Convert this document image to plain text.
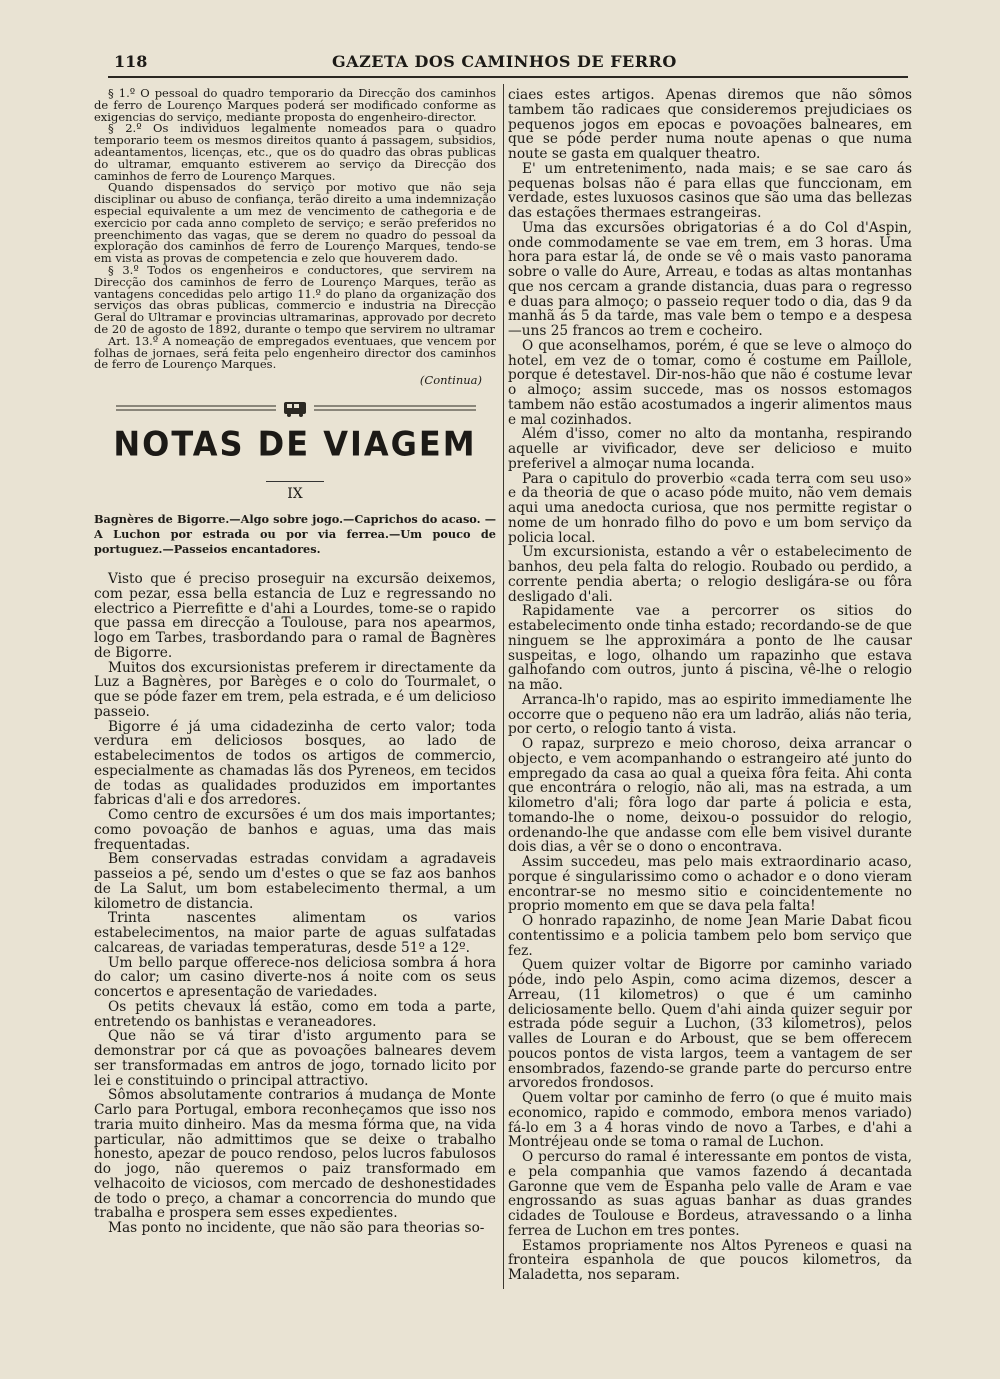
118	GAZETA DOS CAMINHOS DE FERRO

§ 1.º O pessoal do quadro temporario da Direcção dos caminhos de ferro de Lourenço Marques poderá ser modificado conforme as exigencias do serviço, mediante proposta do engenheiro-director.

§ 2.º Os individuos legalmente nomeados para o quadro temporario teem os mesmos direitos quanto á passagem, subsidios, adeantamentos, licenças, etc., que os do quadro das obras publicas do ultramar, emquanto estiverem ao serviço da Direcção dos caminhos de ferro de Lourenço Marques.

Quando dispensados do serviço por motivo que não seja disciplinar ou abuso de confiança, terão direito a uma indemnização especial equivalente a um mez de vencimento de cathegoria e de exercicio por cada anno completo de serviço; e serão preferidos no preenchimento das vagas, que se derem no quadro do pessoal da exploração dos caminhos de ferro de Lourenço Marques, tendo-se em vista as provas de competencia e zelo que houverem dado.

§ 3.º Todos os engenheiros e conductores, que servirem na Direcção dos caminhos de ferro de Lourenço Marques, terão as vantagens concedidas pelo artigo 11.º do plano da organização dos serviços das obras publicas, commercio e industria na Direcção Geral do Ultramar e provincias ultramarinas, approvado por decreto de 20 de agosto de 1892, durante o tempo que servirem no ultramar

Art. 13.º A nomeação de empregados eventuaes, que vencem por folhas de jornaes, será feita pelo engenheiro director dos caminhos de ferro de Lourenço Marques.

(Continua)
NOTAS DE VIAGEM
IX

Bagnères de Bigorre.—Algo sobre jogo.—Caprichos do acaso. —A Luchon por estrada ou por via ferrea.—Um pouco de portuguez.—Passeios encantadores.

Visto que é preciso proseguir na excursão deixemos, com pezar, essa bella estancia de Luz e regressando no electrico a Pierrefitte e d'ahi a Lourdes, tome-se o rapido que passa em direcção a Toulouse, para nos apearmos, logo em Tarbes, trasbordando para o ramal de Bagnères de Bigorre.

Muitos dos excursionistas preferem ir directamente da Luz a Bagnères, por Barèges e o colo do Tourmalet, o que se póde fazer em trem, pela estrada, e é um delicioso passeio.

Bigorre é já uma cidadezinha de certo valor; toda verdura em deliciosos bosques, ao lado de estabelecimentos de todos os artigos de commercio, especialmente as chamadas lãs dos Pyreneos, em tecidos de todas as qualidades produzidos em importantes fabricas d'ali e dos arredores.

Como centro de excursões é um dos mais importantes; como povoação de banhos e aguas, uma das mais frequentadas.

Bem conservadas estradas convidam a agradaveis passeios a pé, sendo um d'estes o que se faz aos banhos de La Salut, um bom estabelecimento thermal, a um kilometro de distancia.

Trinta nascentes alimentam os varios estabelecimentos, na maior parte de aguas sulfatadas calcareas, de variadas temperaturas, desde 51º a 12º.

Um bello parque offerece-nos deliciosa sombra á hora do calor; um casino diverte-nos á noite com os seus concertos e apresentação de variedades.

Os petits chevaux lá estão, como em toda a parte, entretendo os banhistas e veraneadores.

Que não se vá tirar d'isto argumento para se demonstrar por cá que as povoações balneares devem ser transformadas em antros de jogo, tornado licito por lei e constituindo o principal attractivo.

Sômos absolutamente contrarios á mudança de Monte Carlo para Portugal, embora reconheçamos que isso nos traria muito dinheiro. Mas da mesma fórma que, na vida particular, não admittimos que se deixe o trabalho honesto, apezar de pouco rendoso, pelos lucros fabulosos do jogo, não queremos o paiz transformado em velhacoito de viciosos, com mercado de deshonestidades de todo o preço, a chamar a concorrencia do mundo que trabalha e prospera sem esses expedientes.

Mas ponto no incidente, que não são para theorias so-

ciaes estes artigos. Apenas diremos que não sômos tambem tão radicaes que consideremos prejudiciaes os pequenos jogos em epocas e povoações balneares, em que se póde perder numa noute apenas o que numa noute se gasta em qualquer theatro.

E' um entretenimento, nada mais; e se sae caro ás pequenas bolsas não é para ellas que funccionam, em verdade, estes luxuosos casinos que são uma das bellezas das estações thermaes estrangeiras.

Uma das excursões obrigatorias é a do Col d'Aspin, onde commodamente se vae em trem, em 3 horas. Uma hora para estar lá, de onde se vê o mais vasto panorama sobre o valle do Aure, Arreau, e todas as altas montanhas que nos cercam a grande distancia, duas para o regresso e duas para almoço; o passeio requer todo o dia, das 9 da manhã ás 5 da tarde, mas vale bem o tempo e a despesa—uns 25 francos ao trem e cocheiro.

O que aconselhamos, porém, é que se leve o almoço do hotel, em vez de o tomar, como é costume em Paillole, porque é detestavel. Dir-nos-hão que não é costume levar o almoço; assim succede, mas os nossos estomagos tambem não estão acostumados a ingerir alimentos maus e mal cozinhados.

Além d'isso, comer no alto da montanha, respirando aquelle ar vivificador, deve ser delicioso e muito preferivel a almoçar numa locanda.

Para o capitulo do proverbio «cada terra com seu uso» e da theoria de que o acaso póde muito, não vem demais aqui uma anedocta curiosa, que nos permitte registar o nome de um honrado filho do povo e um bom serviço da policia local.

Um excursionista, estando a vêr o estabelecimento de banhos, deu pela falta do relogio. Roubado ou perdido, a corrente pendia aberta; o relogio desligára-se ou fôra desligado d'ali.

Rapidamente vae a percorrer os sitios do estabelecimento onde tinha estado; recordando-se de que ninguem se lhe approximára a ponto de lhe causar suspeitas, e logo, olhando um rapazinho que estava galhofando com outros, junto á piscina, vê-lhe o relogio na mão.

Arranca-lh'o rapido, mas ao espirito immediamente lhe occorre que o pequeno não era um ladrão, aliás não teria, por certo, o relogio tanto á vista.

O rapaz, surprezo e meio choroso, deixa arrancar o objecto, e vem acompanhando o estrangeiro até junto do empregado da casa ao qual a queixa fôra feita. Ahi conta que encontrára o relogio, não ali, mas na estrada, a um kilometro d'ali; fôra logo dar parte á policia e esta, tomando-lhe o nome, deixou-o possuidor do relogio, ordenando-lhe que andasse com elle bem visivel durante dois dias, a vêr se o dono o encontrava.

Assim succedeu, mas pelo mais extraordinario acaso, porque é singularissimo como o achador e o dono vieram encontrar-se no mesmo sitio e coincidentemente no proprio momento em que se dava pela falta!

O honrado rapazinho, de nome Jean Marie Dabat ficou contentissimo e a policia tambem pelo bom serviço que fez.

Quem quizer voltar de Bigorre por caminho variado póde, indo pelo Aspin, como acima dizemos, descer a Arreau, (11 kilometros) o que é um caminho deliciosamente bello. Quem d'ahi ainda quizer seguir por estrada póde seguir a Luchon, (33 kilometros), pelos valles de Louran e do Arboust, que se bem offerecem poucos pontos de vista largos, teem a vantagem de ser ensombrados, fazendo-se grande parte do percurso entre arvoredos frondosos.

Quem voltar por caminho de ferro (o que é muito mais economico, rapido e commodo, embora menos variado) fá-lo em 3 a 4 horas vindo de novo a Tarbes, e d'ahi a Montréjeau onde se toma o ramal de Luchon.

O percurso do ramal é interessante em pontos de vista, e pela companhia que vamos fazendo á decantada Garonne que vem de Espanha pelo valle de Aram e vae engrossando as suas aguas banhar as duas grandes cidades de Toulouse e Bordeus, atravessando o a linha ferrea de Luchon em tres pontes.

Estamos propriamente nos Altos Pyreneos e quasi na fronteira espanhola de que poucos kilometros, da Maladetta, nos separam.
